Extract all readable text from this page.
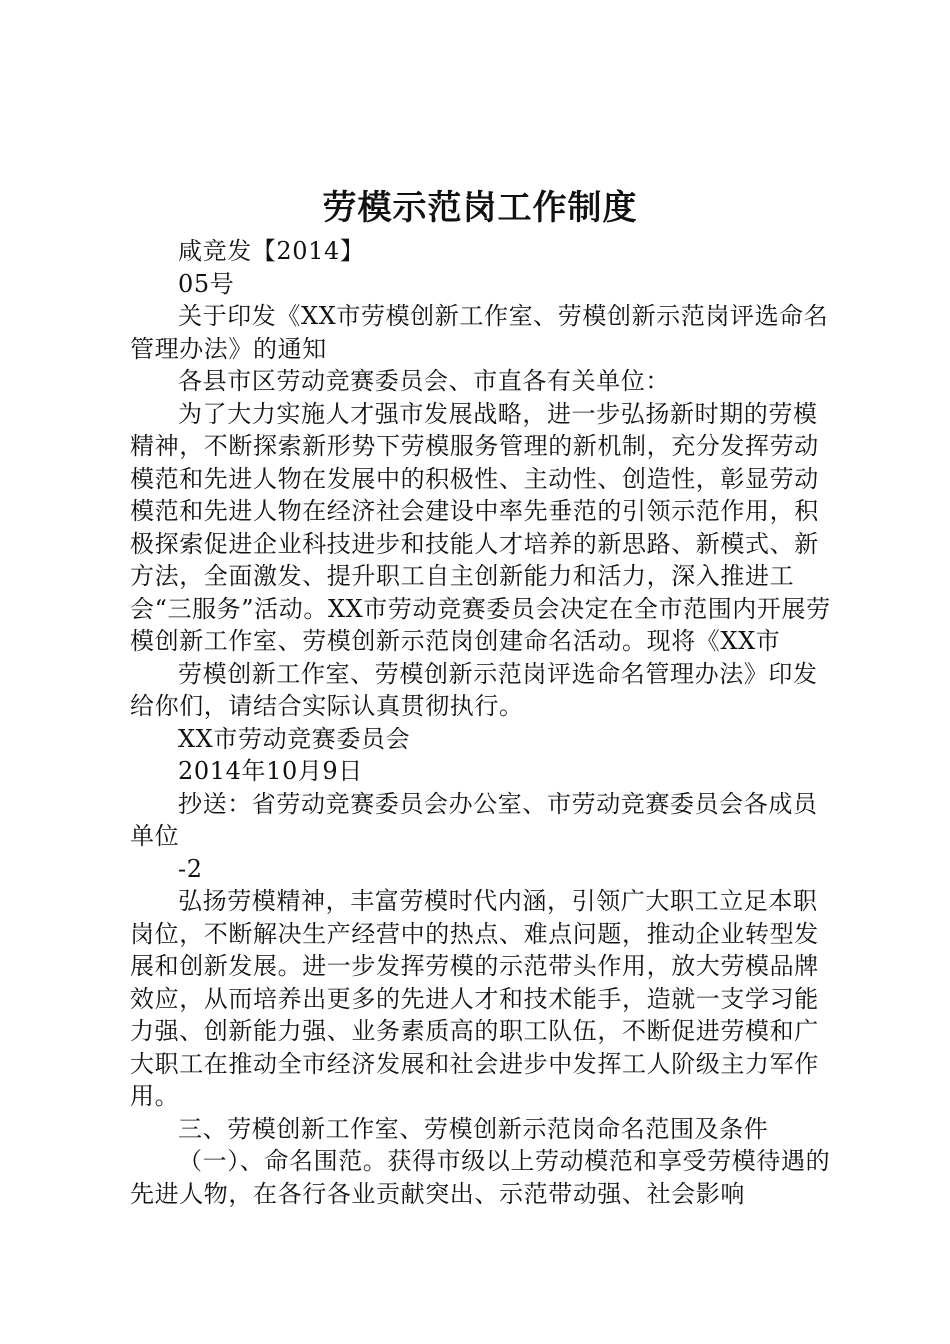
劳模示范岗工作制度

咸竞发【2014】

05号

关于印发《XX市劳模创新工作室、劳模创新示范岗评选命名管理办法》的通知

各县市区劳动竞赛委员会、市直各有关单位：

为了大力实施人才强市发展战略，进一步弘扬新时期的劳模精神，不断探索新形势下劳模服务管理的新机制，充分发挥劳动模范和先进人物在发展中的积极性、主动性、创造性，彰显劳动模范和先进人物在经济社会建设中率先垂范的引领示范作用，积极探索促进企业科技进步和技能人才培养的新思路、新模式、新方法，全面激发、提升职工自主创新能力和活力，深入推进工会“三服务”活动。XX市劳动竞赛委员会决定在全市范围内开展劳模创新工作室、劳模创新示范岗创建命名活动。现将《XX市

劳模创新工作室、劳模创新示范岗评选命名管理办法》印发给你们，请结合实际认真贯彻执行。

XX市劳动竞赛委员会

2014年10月9日

抄送：省劳动竞赛委员会办公室、市劳动竞赛委员会各成员单位

-2

弘扬劳模精神，丰富劳模时代内涵，引领广大职工立足本职岗位，不断解决生产经营中的热点、难点问题，推动企业转型发展和创新发展。进一步发挥劳模的示范带头作用，放大劳模品牌效应，从而培养出更多的先进人才和技术能手，造就一支学习能力强、创新能力强、业务素质高的职工队伍，不断促进劳模和广大职工在推动全市经济发展和社会进步中发挥工人阶级主力军作用。

三、劳模创新工作室、劳模创新示范岗命名范围及条件

（一）、命名围范。获得市级以上劳动模范和享受劳模待遇的先进人物，在各行各业贡献突出、示范带动强、社会影响
